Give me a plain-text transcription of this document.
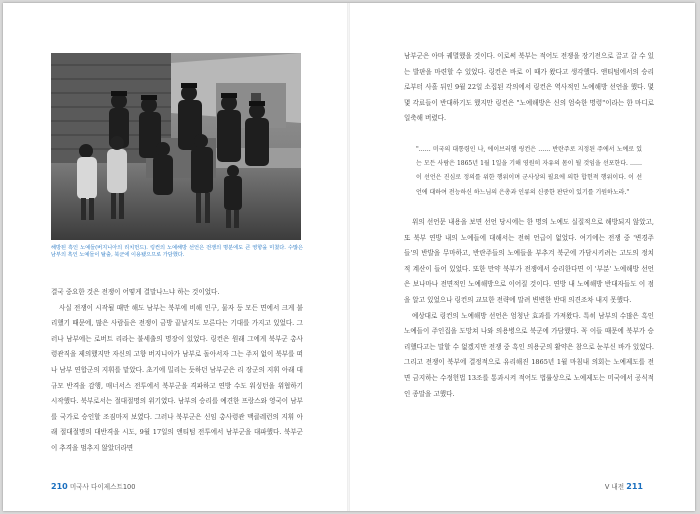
해방된 흑인 노예들(버지니아의 리치먼드). 링컨의 노예해방 선언은 전쟁의 명분에도 큰 영향을 미쳤다. 수많은 남부의 흑인 노예들이 탈출, 북군에 이용됐으므로 가담했다.

결국 중요한 것은 전쟁이 어떻게 결말나느냐 하는 것이었다.

사실 전쟁이 시작될 때만 해도 남부는 북부에 비해 인구, 물자 등 모든 면에서 크게 불리했기 때문에, 많은 사람들은 전쟁이 금방 끝날지도 모른다는 기대를 가지고 있었다. 그러나 남부에는 로버트 리라는 불세출의 명장이 있었다. 링컨은 원래 그에게 북부군 총사령관직을 제의했지만 자신의 고향 버지니아가 남부로 돌아서자 그는 주저 없이 북부를 떠나 남부 연합군의 지휘를 맡았다. 초기에 밀리는 듯하던 남부군은 리 장군의 지휘 아래 대규모 반격을 감행, 매너서스 전투에서 북부군을 격파하고 연방 수도 워싱턴을 위협하기 시작했다. 북부로서는 절대절명의 위기였다. 남부의 승리를 예견한 프랑스와 영국이 남부를 국가로 승인할 조짐마저 보였다. 그러나 북부군은 신임 총사령관 맥클레런의 지휘 아래 절대절명의 대반격을 시도, 9월 17일의 앤티텀 전투에서 남부군을 대파했다. 북부군이 추격을 멈추지 않았더라면

210 미국사 다이제스트100

남부군은 아마 궤멸했을 것이다. 이로써 북부는 적어도 전쟁을 장기전으로 끌고 갈 수 있는 발판을 마련할 수 있었다. 링컨은 바로 이 때가 왔다고 생각했다. 앤티텀에서의 승리로부터 사흘 뒤인 9월 22일 소집된 각의에서 링컨은 역사적인 노예해방 선언을 했다. 몇몇 각료들이 반대하기도 했지만 링컨은 "노예해방은 신의 엄숙한 명령"이라는 한 마디로 일축해 버렸다.

"…… 미국의 대통령인 나, 에이브러햄 링컨은 …… 반란주로 지정된 주에서 노예로 있는 모든 사람은 1865년 1월 1일을 기해 영원히 자유의 몸이 될 것임을 선포한다. …… 이 선언은 진심로 정의를 위한 행위이며 군사상의 필요에 의한 합헌적 행위이다. 이 선언에 대하여 전능하신 하느님의 은총과 인류의 신중한 판단이 있기를 기원하노라."

위의 선언문 내용을 보면 선언 당시에는 한 명의 노예도 실질적으로 해방되지 않았고, 또 북부 연방 내의 노예들에 대해서는 전혀 언급이 없었다. 여기에는 전쟁 중 '변경주들'의 반발을 무마하고, 반란주들의 노예들을 부추겨 북군에 가담시키려는 고도의 정치적 계산이 들어 있었다. 또한 만약 북부가 전쟁에서 승리한다면 이 '부분' 노예해방 선언은 보나마나 전면적인 노예해방으로 이어질 것이다. 연방 내 노예해방 반대자들도 이 점을 알고 있었으나 링컨의 교묘한 전략에 말려 변변한 반대 의견조차 내지 못했다.

예상대로 링컨의 노예해방 선언은 엄청난 효과를 가져왔다. 특히 남부의 수많은 흑인 노예들이 주인집을 도망쳐 나와 의용병으로 북군에 가담했다. 꼭 이들 때문에 북부가 승리했다고는 말할 수 없겠지만 전쟁 중 흑인 의용군의 활약은 참으로 눈부신 바가 있었다. 그리고 전쟁이 북부에 결정적으로 유리해진 1865년 1월 마침내 의회는 노예제도를 전면 금지하는 수정헌법 13조를 통과시켜 적어도 법률상으로 노예제도는 미국에서 공식적인 종말을 고했다.

V 내전 211
